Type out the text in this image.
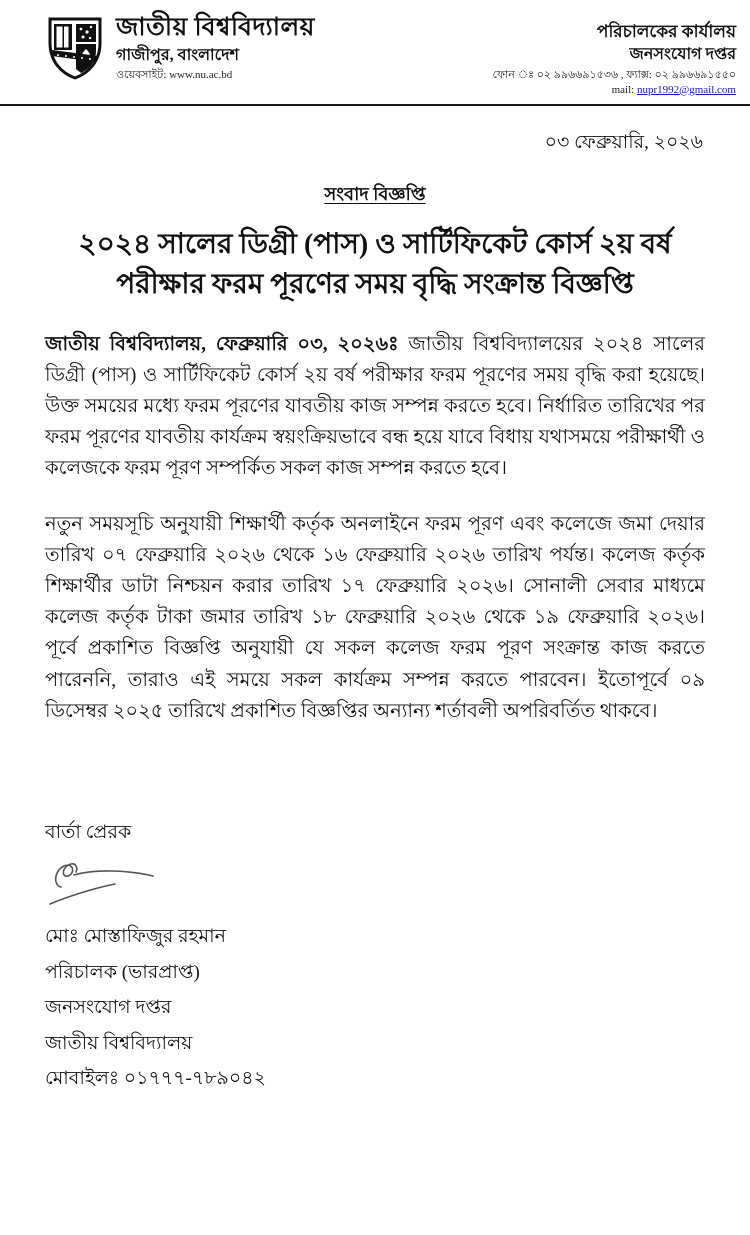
জাতীয় বিশ্ববিদ্যালয়
গাজীপুর, বাংলাদেশ
ওয়েবসাইট: www.nu.ac.bd
পরিচালকের কার্যালয়
জনসংযোগ দপ্তর
ফোন ঃ ০২ ৯৯৬৬৯১৫৩৬ , ফ্যাক্স: ০২ ৯৯৬৬৯১৫৫০
mail: nupr1992@gmail.com
০৩ ফেব্রুয়ারি, ২০২৬
সংবাদ বিজ্ঞপ্তি
২০২৪ সালের ডিগ্রী (পাস) ও সার্টিফিকেট কোর্স ২য় বর্ষ
পরীক্ষার ফরম পূরণের সময় বৃদ্ধি সংক্রান্ত বিজ্ঞপ্তি

জাতীয় বিশ্ববিদ্যালয়, ফেব্রুয়ারি ০৩, ২০২৬ঃ জাতীয় বিশ্ববিদ্যালয়ের ২০২৪ সালের ডিগ্রী (পাস) ও সার্টিফিকেট কোর্স ২য় বর্ষ পরীক্ষার ফরম পূরণের সময় বৃদ্ধি করা হয়েছে। উক্ত সময়ের মধ্যে ফরম পূরণের যাবতীয় কাজ সম্পন্ন করতে হবে। নির্ধারিত তারিখের পর ফরম পূরণের যাবতীয় কার্যক্রম স্বয়ংক্রিয়ভাবে বন্ধ হয়ে যাবে বিধায় যথাসময়ে পরীক্ষার্থী ও কলেজকে ফরম পূরণ সম্পর্কিত সকল কাজ সম্পন্ন করতে হবে।

নতুন সময়সূচি অনুযায়ী শিক্ষার্থী কর্তৃক অনলাইনে ফরম পূরণ এবং কলেজে জমা দেয়ার তারিখ ০৭ ফেব্রুয়ারি ২০২৬ থেকে ১৬ ফেব্রুয়ারি ২০২৬ তারিখ পর্যন্ত। কলেজ কর্তৃক শিক্ষার্থীর ডাটা নিশ্চয়ন করার তারিখ ১৭ ফেব্রুয়ারি ২০২৬। সোনালী সেবার মাধ্যমে কলেজ কর্তৃক টাকা জমার তারিখ ১৮ ফেব্রুয়ারি ২০২৬ থেকে ১৯ ফেব্রুয়ারি ২০২৬। পূর্বে প্রকাশিত বিজ্ঞপ্তি অনুযায়ী যে সকল কলেজ ফরম পূরণ সংক্রান্ত কাজ করতে পারেননি, তারাও এই সময়ে সকল কার্যক্রম সম্পন্ন করতে পারবেন। ইতোপূর্বে ০৯ ডিসেম্বর ২০২৫ তারিখে প্রকাশিত বিজ্ঞপ্তির অন্যান্য শর্তাবলী অপরিবর্তিত থাকবে।

বার্তা প্রেরক
মোঃ মোস্তাফিজুর রহমান
পরিচালক (ভারপ্রাপ্ত)
জনসংযোগ দপ্তর
জাতীয় বিশ্ববিদ্যালয়
মোবাইলঃ ০১৭৭৭-৭৮৯০৪২
